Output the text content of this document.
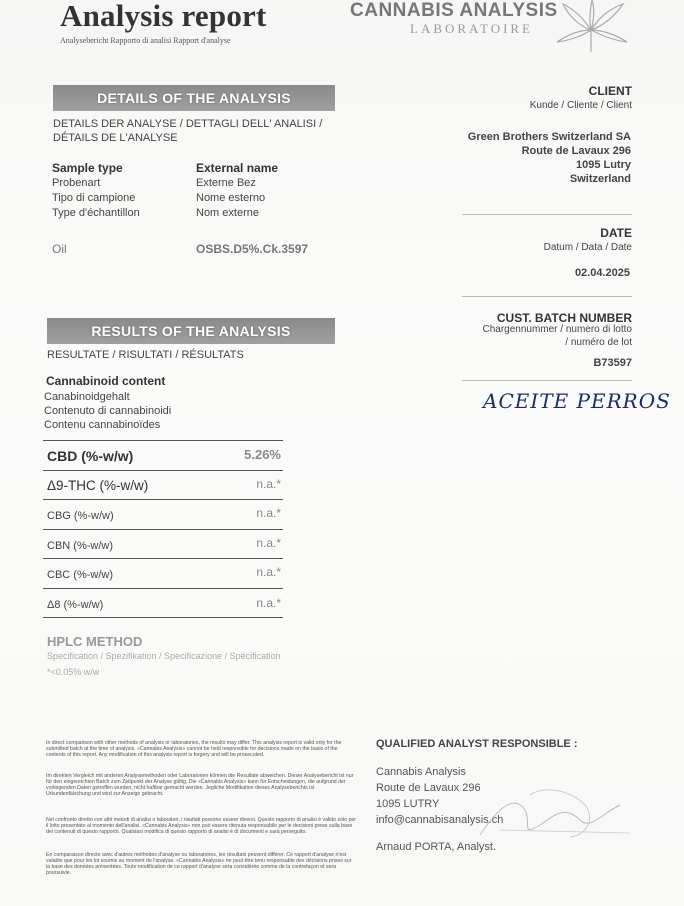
Analysis report
Analysebericht Rapporto di analisi Rapport d'analyse
CANNABIS ANALYSIS
LABORATOIRE
DETAILS OF THE ANALYSIS
DETAILS DER ANALYSE / DETTAGLI DELL' ANALISI /
DÉTAILS DE L'ANALYSE
Sample type
Probenart
Tipo di campione
Type d'échantillon
Oil
External name
Externe Bez
Nome esterno
Nom externe
OSBS.D5%.Ck.3597
CLIENT
Kunde / Cliente / Client
Green Brothers Switzerland SA
Route de Lavaux 296
1095 Lutry
Switzerland
DATE
Datum / Data / Date
02.04.2025
CUST. BATCH NUMBER
Chargennummer / numero di lotto
/ numéro de lot
B73597
ACEITE PERROS
RESULTS OF THE ANALYSIS
RESULTATE / RISULTATI / RÉSULTATS
Cannabinoid content
Canabinoidgehalt
Contenuto di cannabinoidi
Contenu cannabinoïdes
CBD (%-w/w)	5.26%
Δ9-THC (%-w/w)	n.a.*
CBG (%-w/w)	n.a.*
CBN (%-w/w)	n.a.*
CBC (%-w/w)	n.a.*
Δ8 (%-w/w)	n.a.*
HPLC METHOD
Specification / Spezifikation / Specificazione / Spécification
*<0.05% w/w
In direct comparison with other methods of analysis or laboratories, the results may differ. This analysis report is valid only for the submitted batch at the time of analysis. «Cannabis Analysis» cannot be held responsible for decisions made on the basis of the contents of this report. Any modification of this analysis report is forgery and will be prosecuted.
Im direkten Vergleich mit anderen Analysemethoden oder Laboratorien können die Resultate abweichen. Dieser Analysebericht ist nur für den eingereichten Batch zum Zeitpunkt der Analyse gültig. Die «Cannabis Analysis» kann für Entscheidungen, die aufgrund der vorliegenden Daten getroffen wurden, nicht haftbar gemacht werden. Jegliche Modifikation dieses Analyseberichts ist Urkundenfälschung und wird zur Anzeige gebracht.
Nel confronto diretto con altri metodi di analisi o laboratori, i risultati possono essere diversi. Questo rapporto di analisi è valido solo per il lotto presentato al momento dell'analisi. «Cannabis Analysis» non può essere ritenuta responsabile per le decisioni prese sulla base dei contenuti di questo rapporto. Qualsiasi modifica di questo rapporto di analisi è di documenti e sarà perseguito.
En comparaison directe avec d'autres méthodes d'analyse ou laboratoires, les résultats peuvent différer. Ce rapport d'analyse n'est valable que pour les lot soumis au moment de l'analyse. «Cannabis Analysis» ne peut être tenu responsable des décisions prises sur la base des données présentées. Toute modification de ce rapport d'analyse sera considérée comme de la contrefaçon et sera poursuivie.
QUALIFIED ANALYST RESPONSIBLE :
Cannabis Analysis
Route de Lavaux 296
1095 LUTRY
info@cannabisanalysis.ch
Arnaud PORTA, Analyst.
